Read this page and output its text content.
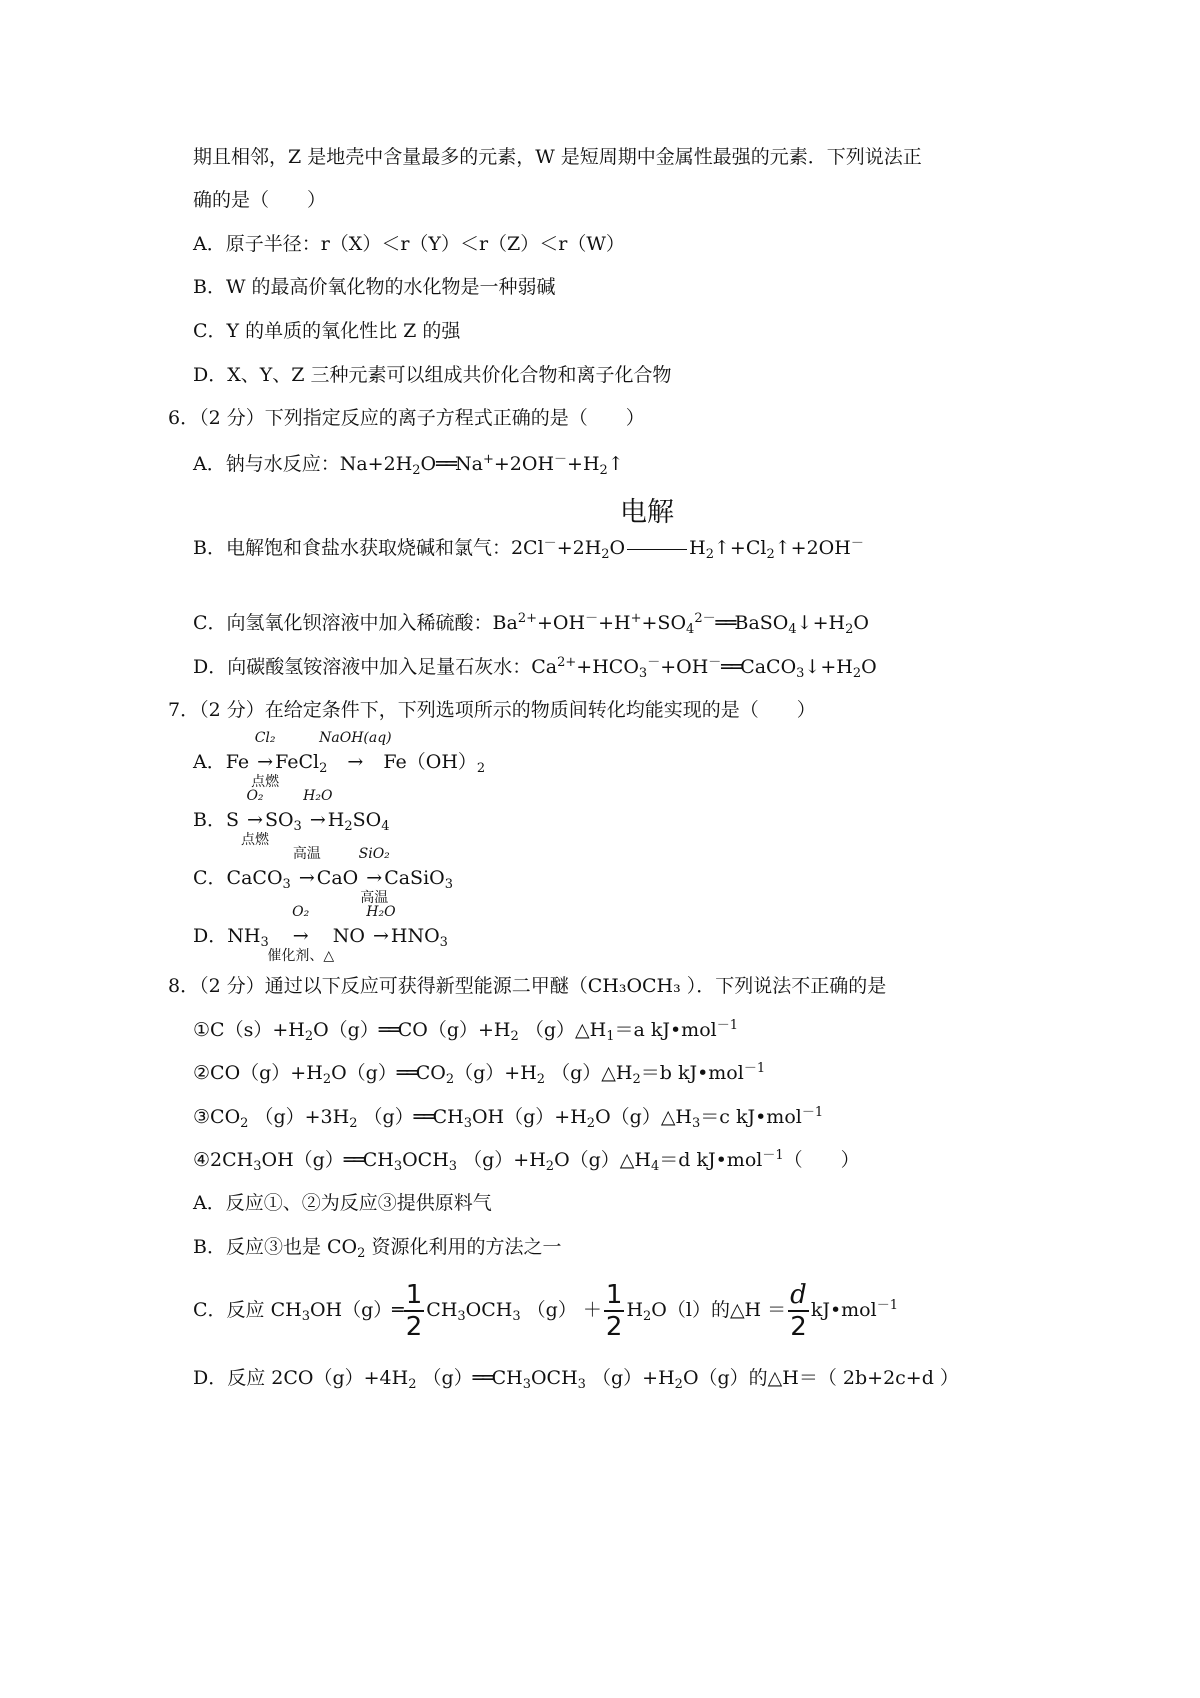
期且相邻，Z 是地壳中含量最多的元素，W 是短周期中金属性最强的元素．下列说法正
确的是（　　）
A．原子半径：r（X）＜r（Y）＜r（Z）＜r（W）
B．W 的最高价氧化物的水化物是一种弱碱
C．Y 的单质的氧化性比 Z 的强
D．X、Y、Z 三种元素可以组成共价化合物和离子化合物
6．（2 分）下列指定反应的离子方程式正确的是（　　）
A．钠与水反应：$Na+2H_2O══Na^++2OH^-+H_2↑$
电解
B．电解饱和食盐水获取烧碱和氯气：$2Cl^-+2H_2O$	$H_2↑+Cl_2↑+2OH^-$
C．向氢氧化钡溶液中加入稀硫酸：$Ba^{2+}+OH^-+H^++SO_4^{2-}══BaSO_4↓+H_2O$
D．向碳酸氢铵溶液中加入足量石灰水：$Ca^{2+}+HCO_3^-+OH^-══CaCO_3↓+H_2O$
7．（2 分）在给定条件下，下列选项所示的物质间转化均能实现的是（　　）
A．Fe →
Cl₂
点燃
FeCl$_2$ →
NaOH(aq)
$Fe(OH)_2$
B．S →
O₂
点燃
$SO_3$ →
H₂O
$H_2SO_4$
C．CaCO$_3$ →
高温
CaO →
SiO₂
高温
CaSiO$_3$
D．$NH_3$ →
O₂
催化剂、△
NO →
H₂O
$HNO_3$
8．（2 分）通过以下反应可获得新型能源二甲醚（CH₃OCH₃ ）．下列说法不正确的是
$①C(s)+H_2O(g)══CO(g)+H_2$ $(g)\triangle H_1=a$ kJ•mol$^{-1}$
$②CO(g)+H_2O(g)══CO_2(g)+H_2$ $(g)\triangle H_2=b$ kJ•mol$^{-1}$
$③CO_2$ $(g)+3H_2$ $(g)══CH_3OH(g)+H_2O(g)\triangle H_3=c$ kJ•mol$^{-1}$
$④2CH_3OH(g)══CH_3OCH_3$ $(g)+H_2O(g)\triangle H_4=d$ kJ•mol$^{-1}$（　　）
A．反应①、②为反应③提供原料气
B．反应③也是 $CO_2$ 资源化利用的方法之一
C．反应 $CH_3OH(g)═ \frac{1}{2} CH_3OCH_3$ $(g) + \frac{1}{2} H_2O(l)$的△H ＝ $\frac{d}{2}$ kJ•mol$^{-1}$
D．反应 $2CO(g)+4H_2$ $(g)══CH_3OCH_3$ $(g)+H_2O(g)$的△H＝（ 2b+2c+d ）
